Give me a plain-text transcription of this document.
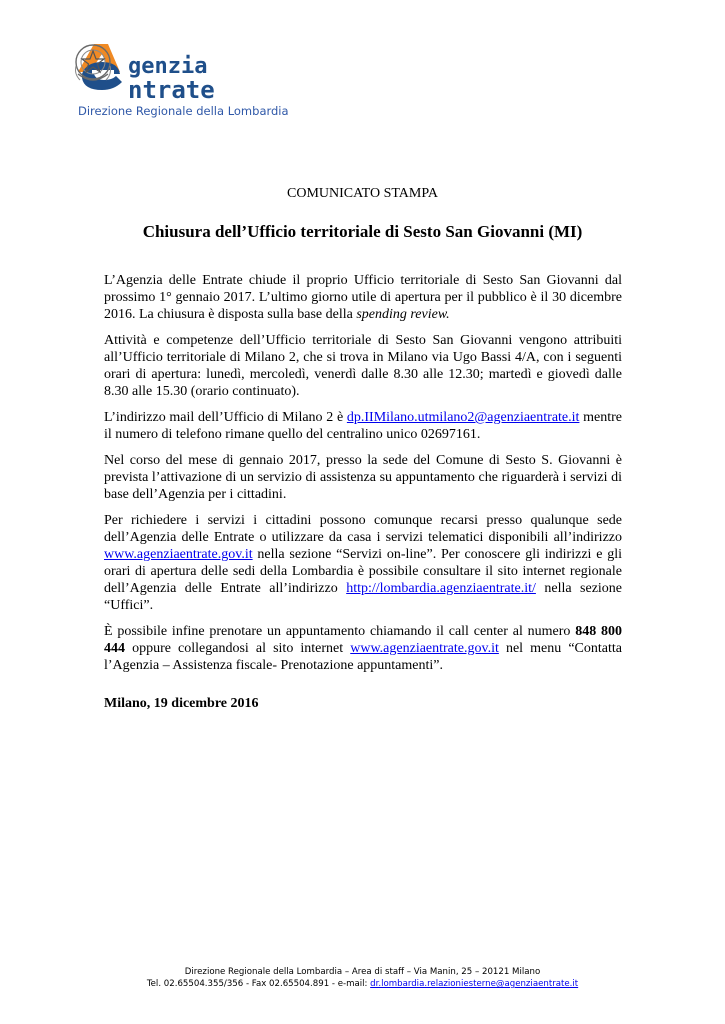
genzia
ntrate
Direzione Regionale della Lombardia
COMUNICATO STAMPA
Chiusura dell’Ufficio territoriale di Sesto San Giovanni (MI)

L’Agenzia delle Entrate chiude il proprio Ufficio territoriale di Sesto San Giovanni dal prossimo 1° gennaio 2017. L’ultimo giorno utile di apertura per il pubblico è il 30 dicembre 2016. La chiusura è disposta sulla base della spending review.

Attività e competenze dell’Ufficio territoriale di Sesto San Giovanni vengono attribuiti all’Ufficio territoriale di Milano 2, che si trova in Milano via Ugo Bassi 4/A, con i seguenti orari di apertura: lunedì, mercoledì, venerdì dalle 8.30 alle 12.30; martedì e giovedì dalle 8.30 alle 15.30 (orario continuato).

L’indirizzo mail dell’Ufficio di Milano 2 è dp.IIMilano.utmilano2@agenziaentrate.it mentre il numero di telefono rimane quello del centralino unico 02697161.

Nel corso del mese di gennaio 2017, presso la sede del Comune di Sesto S. Giovanni è prevista l’attivazione di un servizio di assistenza su appuntamento che riguarderà i servizi di base dell’Agenzia per i cittadini.

Per richiedere i servizi i cittadini possono comunque recarsi presso qualunque sede dell’Agenzia delle Entrate o utilizzare da casa i servizi telematici disponibili all’indirizzo www.agenziaentrate.gov.it nella sezione “Servizi on-line”. Per conoscere gli indirizzi e gli orari di apertura delle sedi della Lombardia è possibile consultare il sito internet regionale dell’Agenzia delle Entrate all’indirizzo http://lombardia.agenziaentrate.it/ nella sezione “Uffici”.

È possibile infine prenotare un appuntamento chiamando il call center al numero 848 800 444 oppure collegandosi al sito internet www.agenziaentrate.gov.it nel menu “Contatta l’Agenzia – Assistenza fiscale- Prenotazione appuntamenti”.

Milano, 19 dicembre 2016
Direzione Regionale della Lombardia – Area di staff – Via Manin, 25 – 20121 Milano
Tel. 02.65504.355/356 - Fax 02.65504.891 - e-mail: dr.lombardia.relazioniesterne@agenziaentrate.it
